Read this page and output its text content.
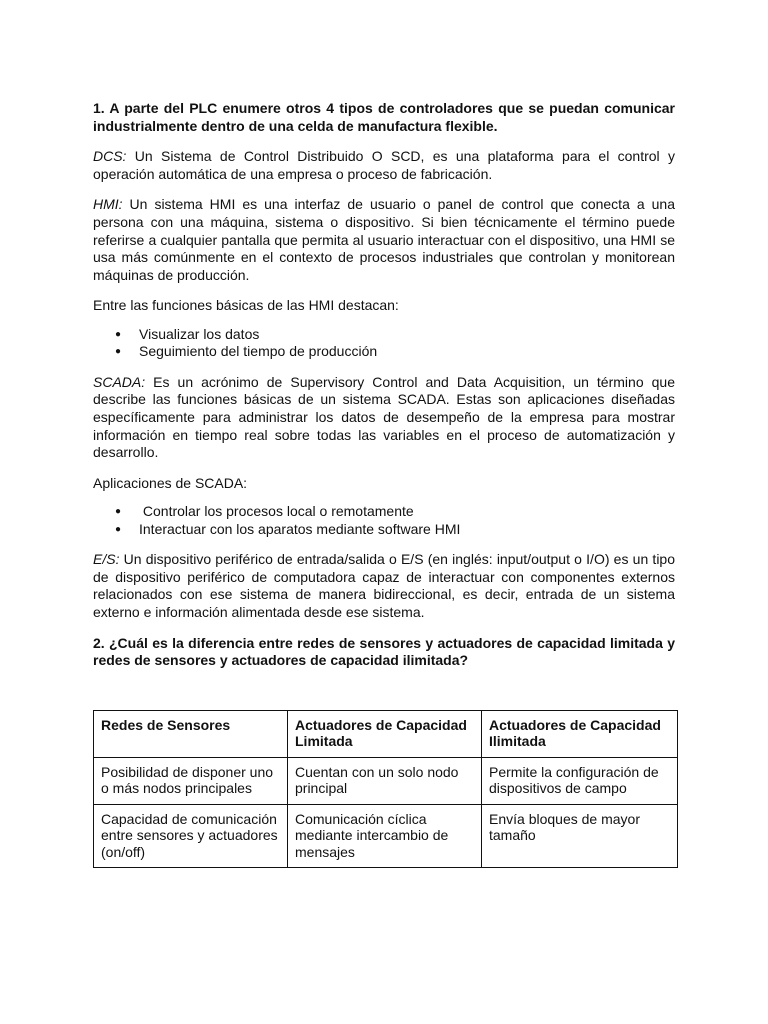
1. A parte del PLC enumere otros 4 tipos de controladores que se puedan comunicar industrialmente dentro de una celda de manufactura flexible.

DCS: Un Sistema de Control Distribuido O SCD, es una plataforma para el control y operación automática de una empresa o proceso de fabricación.

HMI: Un sistema HMI es una interfaz de usuario o panel de control que conecta a una persona con una máquina, sistema o dispositivo. Si bien técnicamente el término puede referirse a cualquier pantalla que permita al usuario interactuar con el dispositivo, una HMI se usa más comúnmente en el contexto de procesos industriales que controlan y monitorean máquinas de producción.

Entre las funciones básicas de las HMI destacan:

● Visualizar los datos
● Seguimiento del tiempo de producción

SCADA: Es un acrónimo de Supervisory Control and Data Acquisition, un término que describe las funciones básicas de un sistema SCADA. Estas son aplicaciones diseñadas específicamente para administrar los datos de desempeño de la empresa para mostrar información en tiempo real sobre todas las variables en el proceso de automatización y desarrollo.

Aplicaciones de SCADA:

●  Controlar los procesos local o remotamente
● Interactuar con los aparatos mediante software HMI

E/S: Un dispositivo periférico de entrada/salida o E/S (en inglés: input/output o I/O) es un tipo de dispositivo periférico de computadora capaz de interactuar con componentes externos relacionados con ese sistema de manera bidireccional, es decir, entrada de un sistema externo e información alimentada desde ese sistema.

2. ¿Cuál es la diferencia entre redes de sensores y actuadores de capacidad limitada y redes de sensores y actuadores de capacidad ilimitada?

Redes de Sensores	Actuadores de Capacidad Limitada	Actuadores de Capacidad Ilimitada
Posibilidad de disponer uno o más nodos principales	Cuentan con un solo nodo principal	Permite la configuración de dispositivos de campo
Capacidad de comunicación entre sensores y actuadores (on/off)	Comunicación cíclica mediante intercambio de mensajes	Envía bloques de mayor tamaño
